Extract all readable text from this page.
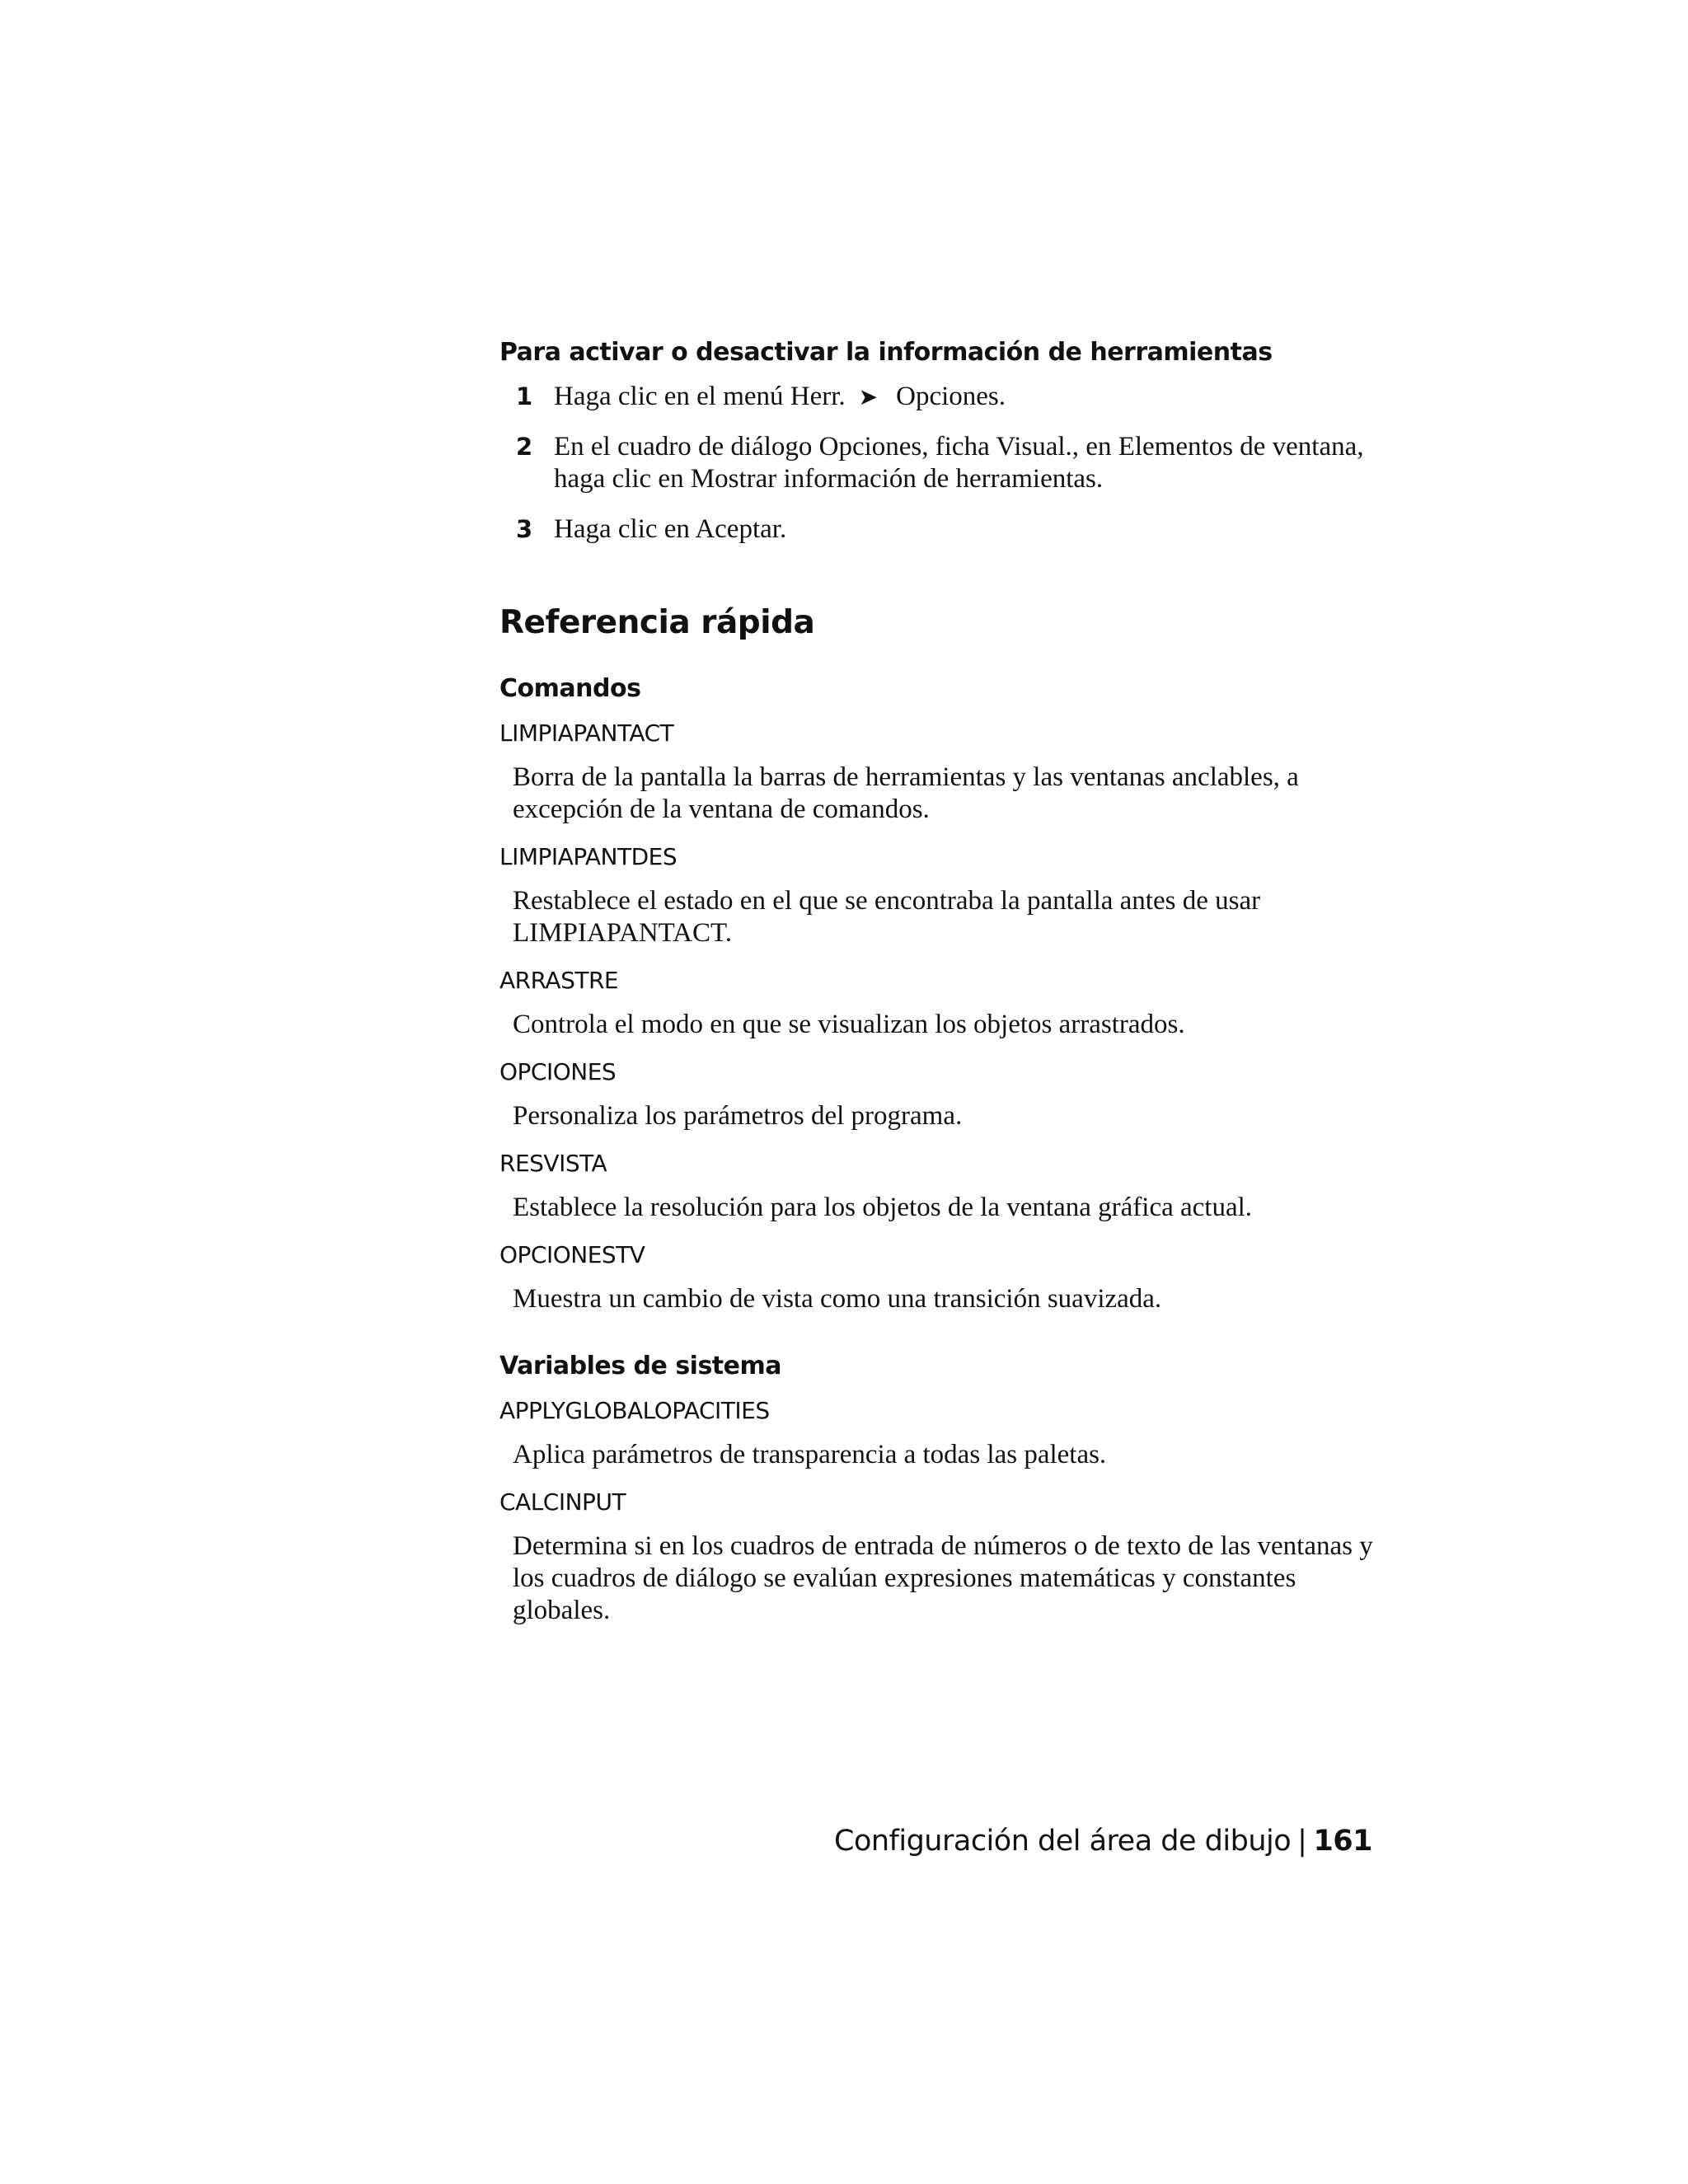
Para activar o desactivar la información de herramientas
1 Haga clic en el menú Herr. ➤ Opciones.
2 En el cuadro de diálogo Opciones, ficha Visual., en Elementos de ventana, haga clic en Mostrar información de herramientas.
3 Haga clic en Aceptar.
Referencia rápida
Comandos
LIMPIAPANTACT
Borra de la pantalla la barras de herramientas y las ventanas anclables, a excepción de la ventana de comandos.
LIMPIAPANTDES
Restablece el estado en el que se encontraba la pantalla antes de usar LIMPIAPANTACT.
ARRASTRE
Controla el modo en que se visualizan los objetos arrastrados.
OPCIONES
Personaliza los parámetros del programa.
RESVISTA
Establece la resolución para los objetos de la ventana gráfica actual.
OPCIONESTV
Muestra un cambio de vista como una transición suavizada.
Variables de sistema
APPLYGLOBALOPACITIES
Aplica parámetros de transparencia a todas las paletas.
CALCINPUT
Determina si en los cuadros de entrada de números o de texto de las ventanas y los cuadros de diálogo se evalúan expresiones matemáticas y constantes globales.
Configuración del área de dibujo | 161
